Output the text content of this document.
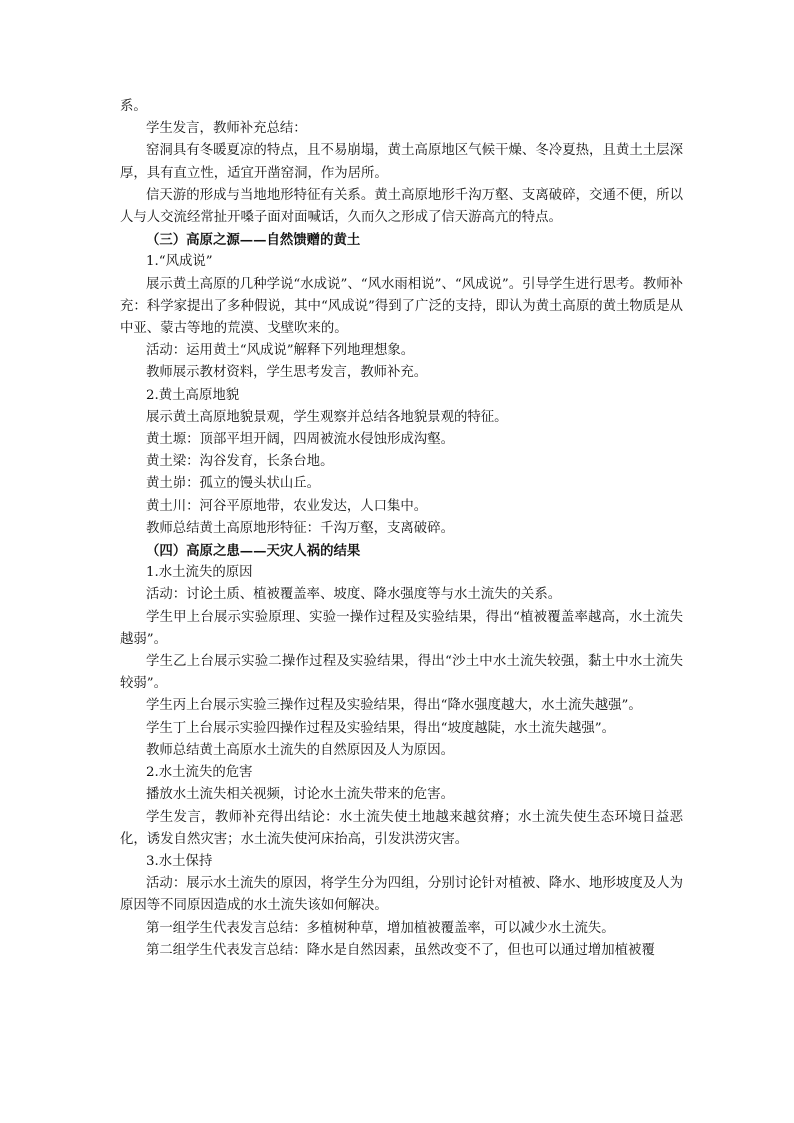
系。

学生发言，教师补充总结：

窑洞具有冬暖夏凉的特点，且不易崩塌，黄土高原地区气候干燥、冬冷夏热，且黄土土层深厚，具有直立性，适宜开凿窑洞，作为居所。

信天游的形成与当地地形特征有关系。黄土高原地形千沟万壑、支离破碎，交通不便，所以人与人交流经常扯开嗓子面对面喊话，久而久之形成了信天游高亢的特点。

（三）高原之源——自然馈赠的黄土

1.“风成说”

展示黄土高原的几种学说“水成说”、“风水雨相说”、“风成说”。引导学生进行思考。教师补充：科学家提出了多种假说，其中“风成说”得到了广泛的支持，即认为黄土高原的黄土物质是从中亚、蒙古等地的荒漠、戈壁吹来的。

活动：运用黄土“风成说”解释下列地理想象。

教师展示教材资料，学生思考发言，教师补充。

2.黄土高原地貌

展示黄土高原地貌景观，学生观察并总结各地貌景观的特征。

黄土塬：顶部平坦开阔，四周被流水侵蚀形成沟壑。

黄土梁：沟谷发育，长条台地。

黄土峁：孤立的馒头状山丘。

黄土川：河谷平原地带，农业发达，人口集中。

教师总结黄土高原地形特征：千沟万壑，支离破碎。

（四）高原之患——天灾人祸的结果

1.水土流失的原因

活动：讨论土质、植被覆盖率、坡度、降水强度等与水土流失的关系。

学生甲上台展示实验原理、实验一操作过程及实验结果，得出“植被覆盖率越高，水土流失越弱”。

学生乙上台展示实验二操作过程及实验结果，得出“沙土中水土流失较强，黏土中水土流失较弱”。

学生丙上台展示实验三操作过程及实验结果，得出“降水强度越大，水土流失越强”。

学生丁上台展示实验四操作过程及实验结果，得出“坡度越陡，水土流失越强”。

教师总结黄土高原水土流失的自然原因及人为原因。

2.水土流失的危害

播放水土流失相关视频，讨论水土流失带来的危害。

学生发言，教师补充得出结论：水土流失使土地越来越贫瘠；水土流失使生态环境日益恶化，诱发自然灾害；水土流失使河床抬高，引发洪涝灾害。

3.水土保持

活动：展示水土流失的原因，将学生分为四组，分别讨论针对植被、降水、地形坡度及人为原因等不同原因造成的水土流失该如何解决。

第一组学生代表发言总结：多植树种草，增加植被覆盖率，可以减少水土流失。

第二组学生代表发言总结：降水是自然因素，虽然改变不了，但也可以通过增加植被覆
